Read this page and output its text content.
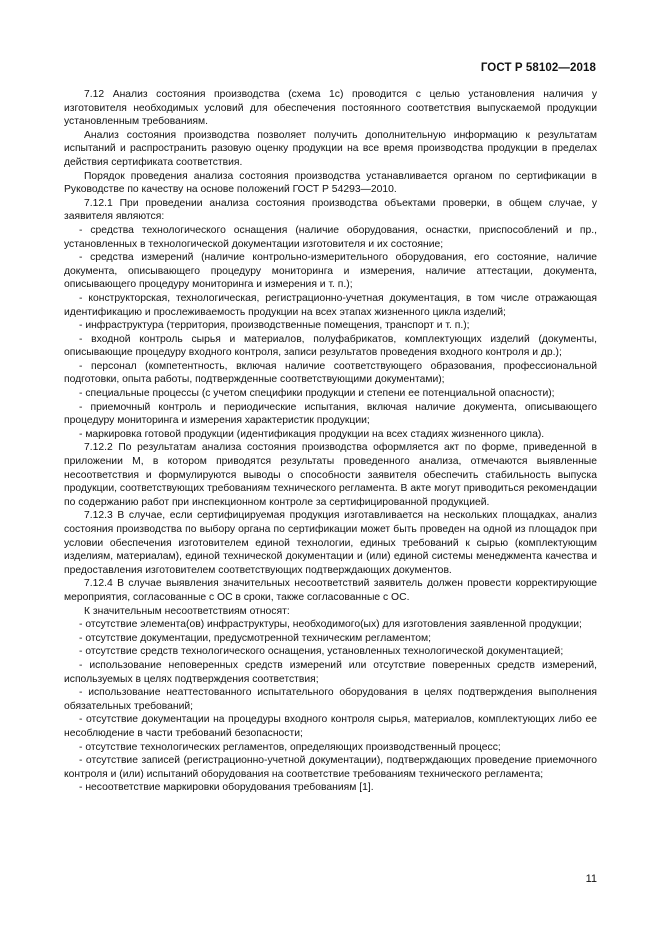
ГОСТ Р 58102—2018

7.12 Анализ состояния производства (схема 1с) проводится с целью установления наличия у изготовителя необходимых условий для обеспечения постоянного соответствия выпускаемой продукции установленным требованиям.

Анализ состояния производства позволяет получить дополнительную информацию к результатам испытаний и распространить разовую оценку продукции на все время производства продукции в пределах действия сертификата соответствия.

Порядок проведения анализа состояния производства устанавливается органом по сертификации в Руководстве по качеству на основе положений ГОСТ Р 54293—2010.

7.12.1 При проведении анализа состояния производства объектами проверки, в общем случае, у заявителя являются:

- средства технологического оснащения (наличие оборудования, оснастки, приспособлений и пр., установленных в технологической документации изготовителя и их состояние;

- средства измерений (наличие контрольно-измерительного оборудования, его состояние, наличие документа, описывающего процедуру мониторинга и измерения, наличие аттестации, документа, описывающего процедуру мониторинга и измерения и т. п.);

- конструкторская, технологическая, регистрационно-учетная документация, в том числе отражающая идентификацию и прослеживаемость продукции на всех этапах жизненного цикла изделий;

- инфраструктура (территория, производственные помещения, транспорт и т. п.);

- входной контроль сырья и материалов, полуфабрикатов, комплектующих изделий (документы, описывающие процедуру входного контроля, записи результатов проведения входного контроля и др.);

- персонал (компетентность, включая наличие соответствующего образования, профессиональной подготовки, опыта работы, подтвержденные соответствующими документами);

- специальные процессы (с учетом специфики продукции и степени ее потенциальной опасности);

- приемочный контроль и периодические испытания, включая наличие документа, описывающего процедуру мониторинга и измерения характеристик продукции;

- маркировка готовой продукции (идентификация продукции на всех стадиях жизненного цикла).

7.12.2 По результатам анализа состояния производства оформляется акт по форме, приведенной в приложении М, в котором приводятся результаты проведенного анализа, отмечаются выявленные несоответствия и формулируются выводы о способности заявителя обеспечить стабильность выпуска продукции, соответствующих требованиям технического регламента. В акте могут приводиться рекомендации по содержанию работ при инспекционном контроле за сертифицированной продукцией.

7.12.3 В случае, если сертифицируемая продукция изготавливается на нескольких площадках, анализ состояния производства по выбору органа по сертификации может быть проведен на одной из площадок при условии обеспечения изготовителем единой технологии, единых требований к сырью (комплектующим изделиям, материалам), единой технической документации и (или) единой системы менеджмента качества и предоставления изготовителем соответствующих подтверждающих документов.

7.12.4 В случае выявления значительных несоответствий заявитель должен провести корректирующие мероприятия, согласованные с ОС в сроки, также согласованные с ОС.

К значительным несоответствиям относят:

- отсутствие элемента(ов) инфраструктуры, необходимого(ых) для изготовления заявленной продукции;

- отсутствие документации, предусмотренной техническим регламентом;

- отсутствие средств технологического оснащения, установленных технологической документацией;

- использование неповеренных средств измерений или отсутствие поверенных средств измерений, используемых в целях подтверждения соответствия;

- использование неаттестованного испытательного оборудования в целях подтверждения выполнения обязательных требований;

- отсутствие документации на процедуры входного контроля сырья, материалов, комплектующих либо ее несоблюдение в части требований безопасности;

- отсутствие технологических регламентов, определяющих производственный процесс;

- отсутствие записей (регистрационно-учетной документации), подтверждающих проведение приемочного контроля и (или) испытаний оборудования на соответствие требованиям технического регламента;

- несоответствие маркировки оборудования требованиям [1].

11
